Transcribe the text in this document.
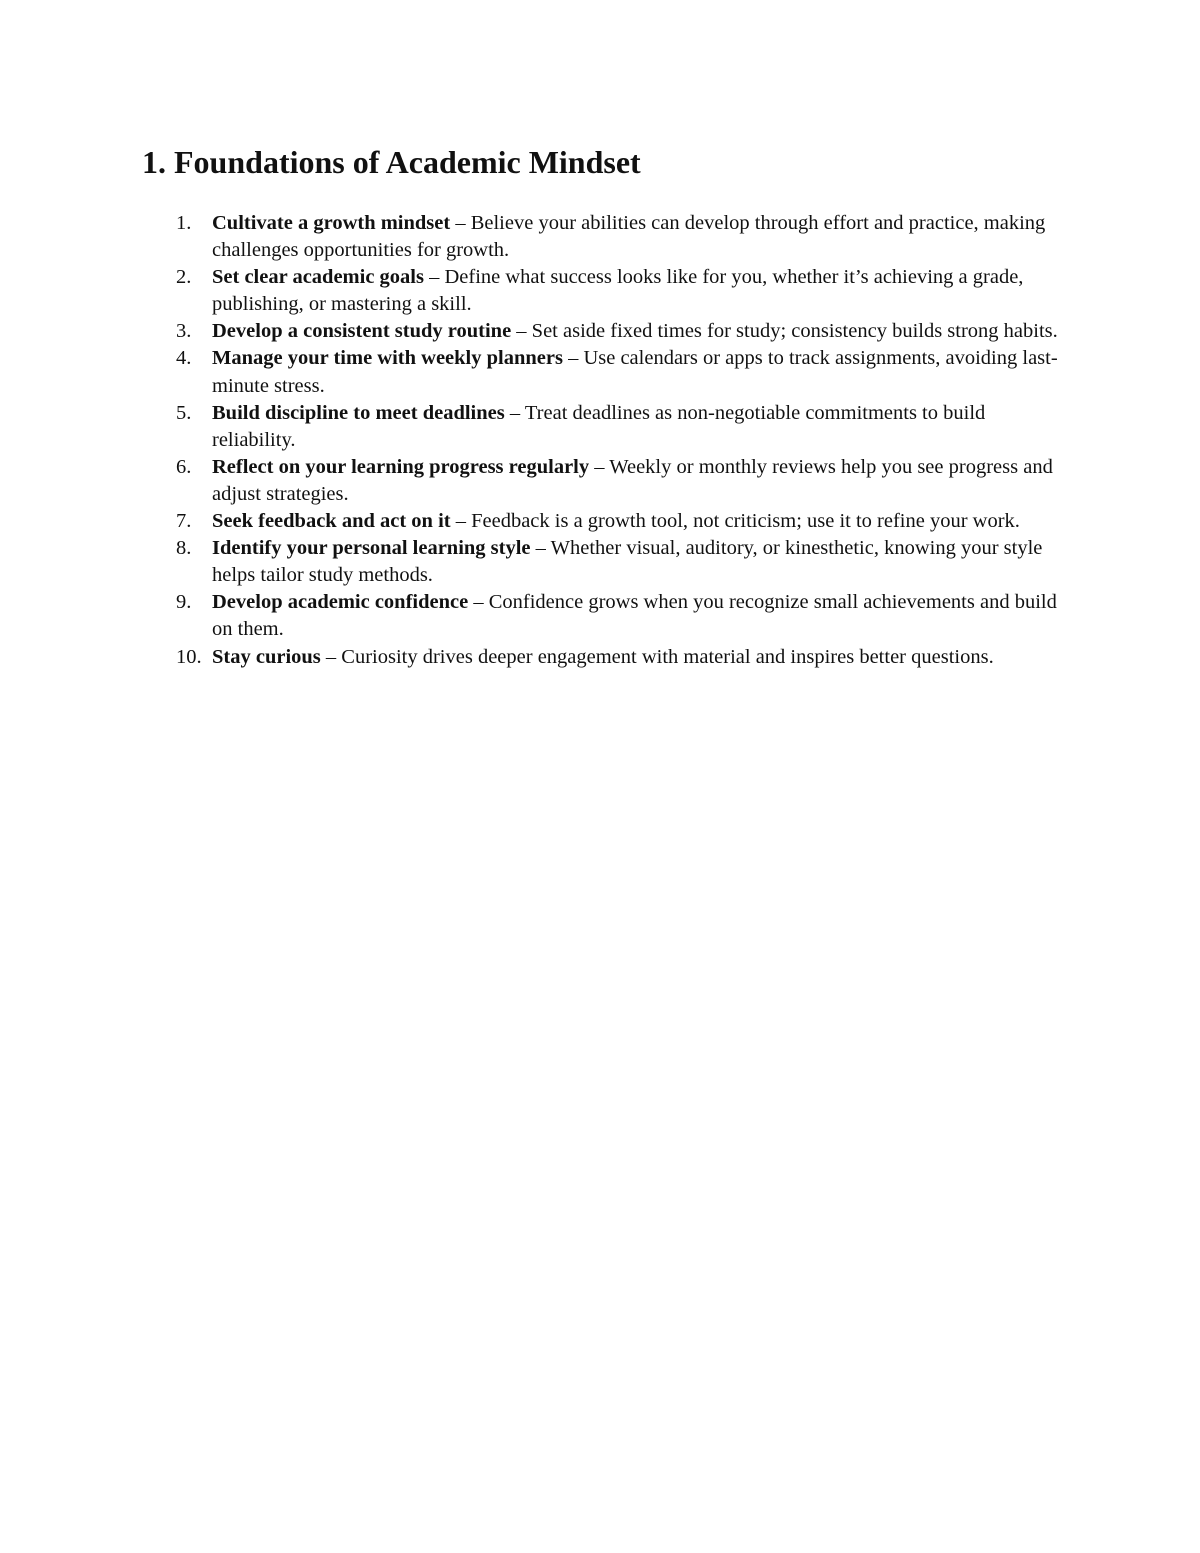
1. Foundations of Academic Mindset
1. Cultivate a growth mindset – Believe your abilities can develop through effort and practice, making challenges opportunities for growth.
2. Set clear academic goals – Define what success looks like for you, whether it’s achieving a grade, publishing, or mastering a skill.
3. Develop a consistent study routine – Set aside fixed times for study; consistency builds strong habits.
4. Manage your time with weekly planners – Use calendars or apps to track assignments, avoiding last-minute stress.
5. Build discipline to meet deadlines – Treat deadlines as non-negotiable commitments to build reliability.
6. Reflect on your learning progress regularly – Weekly or monthly reviews help you see progress and adjust strategies.
7. Seek feedback and act on it – Feedback is a growth tool, not criticism; use it to refine your work.
8. Identify your personal learning style – Whether visual, auditory, or kinesthetic, knowing your style helps tailor study methods.
9. Develop academic confidence – Confidence grows when you recognize small achievements and build on them.
10. Stay curious – Curiosity drives deeper engagement with material and inspires better questions.
